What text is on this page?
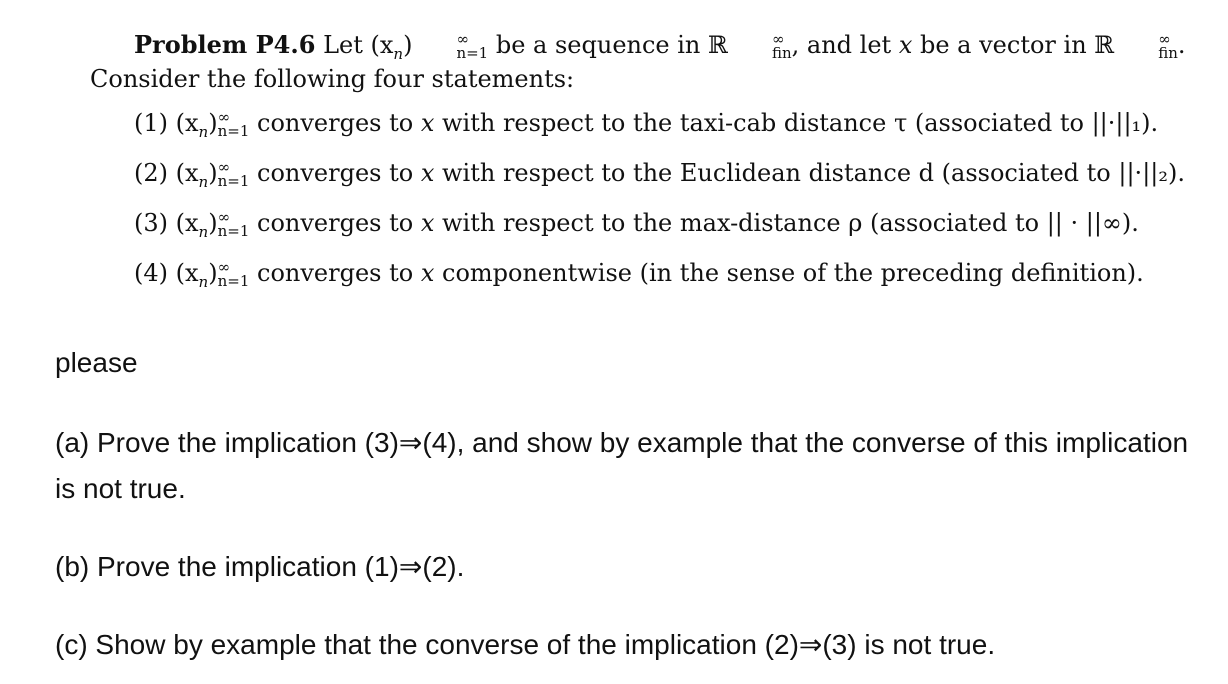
Problem P4.6 Let $(x_n)$	∞
n=1 be a sequence in ℝ	∞
fin , and let x be a vector in ℝ	∞
fin . Consider the following four statements:

(1) $(x_n)$ ∞
n=1 converges to x with respect to the taxi-cab distance τ (associated to ||·||₁).
(2) $(x_n)$ ∞
n=1 converges to x with respect to the Euclidean distance d (associated to ||·||₂).
(3) $(x_n)$ ∞
n=1 converges to x with respect to the max-distance ρ (associated to || · ||∞).
(4) $(x_n)$ ∞
n=1 converges to x componentwise (in the sense of the preceding definition).

please

(a) Prove the implication (3)⇒(4), and show by example that the converse of this implication is not true.

(b) Prove the implication (1)⇒(2).

(c) Show by example that the converse of the implication (2)⇒(3) is not true.
